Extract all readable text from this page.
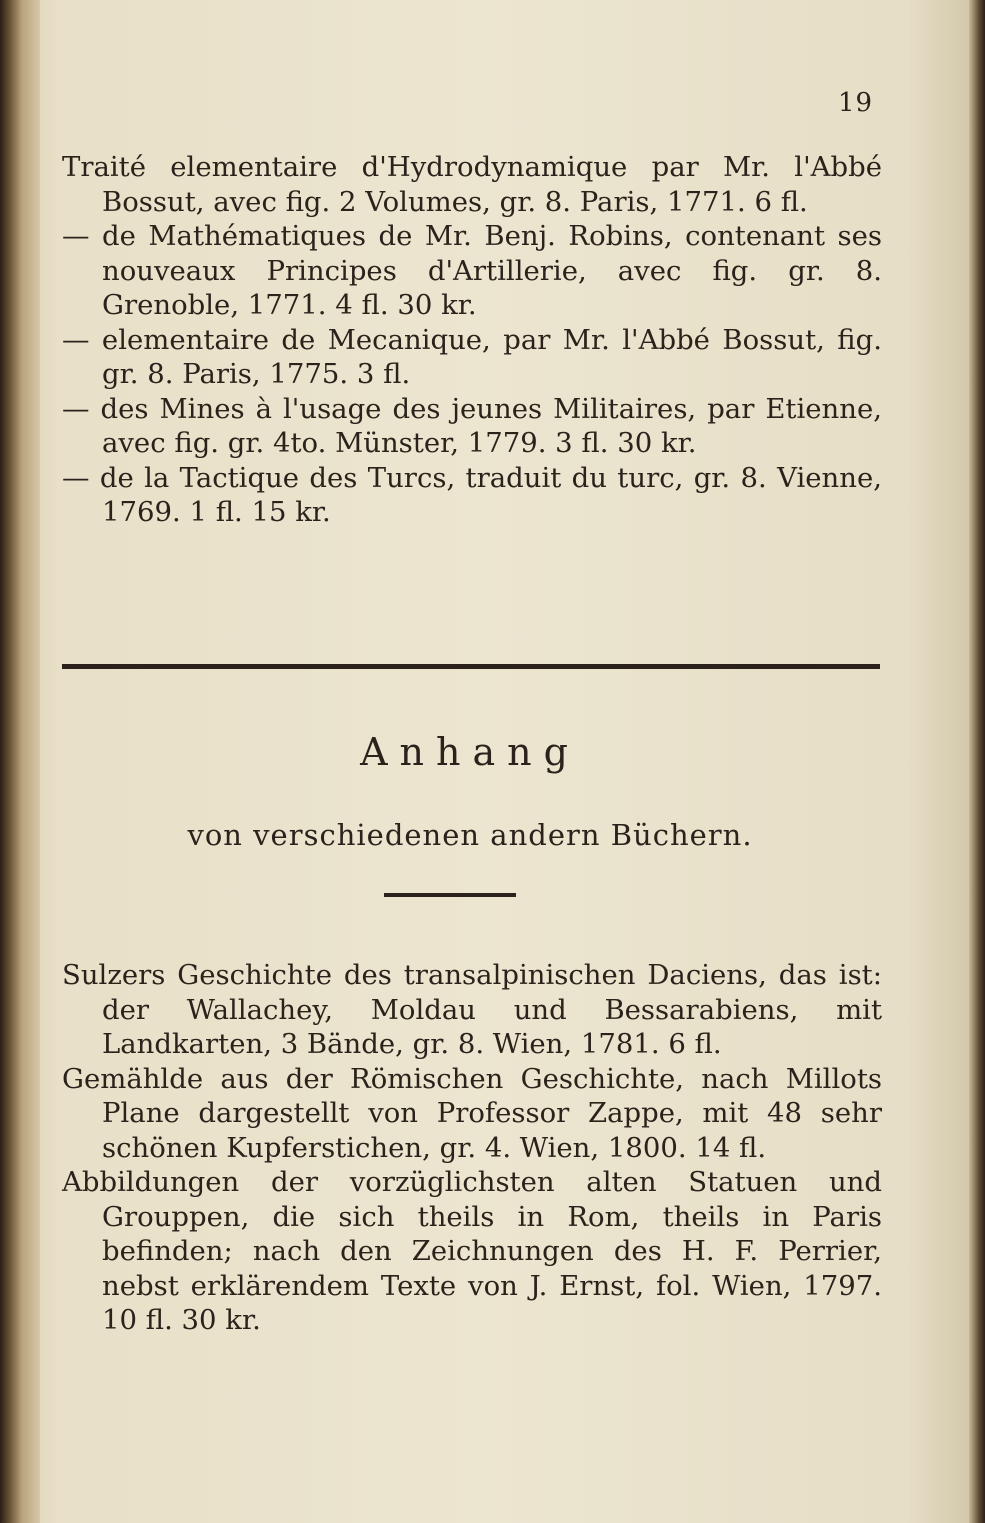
19

Traité elementaire d'Hydrodynamique par Mr. l'Abbé Bossut, avec fig. 2 Volumes, gr. 8. Paris, 1771. 6 fl.

— de Mathématiques de Mr. Benj. Robins, contenant ses nouveaux Principes d'Artillerie, avec fig. gr. 8. Grenoble, 1771. 4 fl. 30 kr.

— elementaire de Mecanique, par Mr. l'Abbé Bossut, fig. gr. 8. Paris, 1775. 3 fl.

— des Mines à l'usage des jeunes Militaires, par Etienne, avec fig. gr. 4to. Münster, 1779. 3 fl. 30 kr.

— de la Tactique des Turcs, traduit du turc, gr. 8. Vienne, 1769. 1 fl. 15 kr.

Anhang
von verschiedenen andern Büchern.

Sulzers Geschichte des transalpinischen Daciens, das ist: der Wallachey, Moldau und Bessarabiens, mit Landkarten, 3 Bände, gr. 8. Wien, 1781. 6 fl.

Gemählde aus der Römischen Geschichte, nach Millots Plane dargestellt von Professor Zappe, mit 48 sehr schönen Kupferstichen, gr. 4. Wien, 1800. 14 fl.

Abbildungen der vorzüglichsten alten Statuen und Grouppen, die sich theils in Rom, theils in Paris befinden; nach den Zeichnungen des H. F. Perrier, nebst erklärendem Texte von J. Ernst, fol. Wien, 1797. 10 fl. 30 kr.
